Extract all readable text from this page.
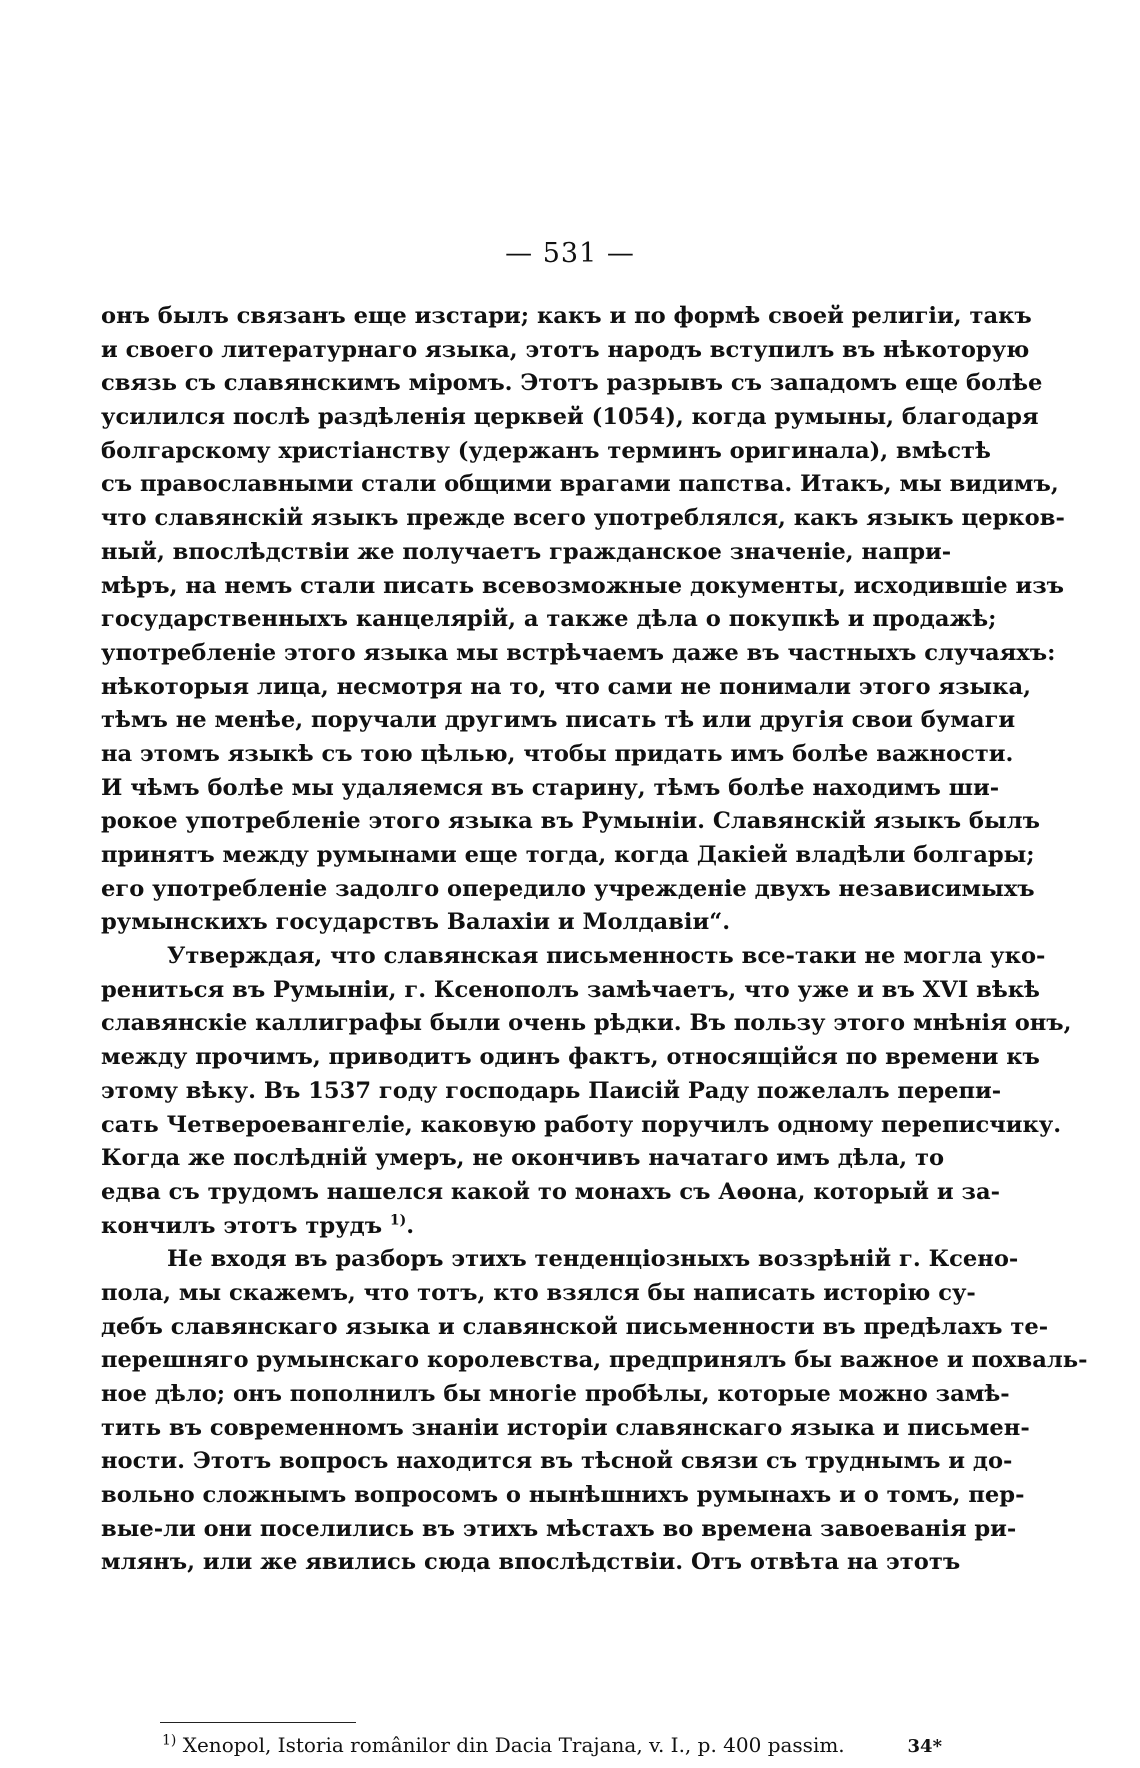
— 531 —
онъ былъ связанъ еще изстари; какъ и по формѣ своей религіи, такъ
и своего литературнаго языка, этотъ народъ вступилъ въ нѣкоторую
связь съ славянскимъ міромъ. Этотъ разрывъ съ западомъ еще болѣе
усилился послѣ раздѣленія церквей (1054), когда румыны, благодаря
болгарскому христіанству (удержанъ терминъ оригинала), вмѣстѣ
съ православными стали общими врагами папства. Итакъ, мы видимъ,
что славянскій языкъ прежде всего употреблялся, какъ языкъ церков-
ный, впослѣдствіи же получаетъ гражданское значеніе, напри-
мѣръ, на немъ стали писать всевозможные документы, исходившіе изъ
государственныхъ канцелярій, а также дѣла о покупкѣ и продажѣ;
употребленіе этого языка мы встрѣчаемъ даже въ частныхъ случаяхъ:
нѣкоторыя лица, несмотря на то, что сами не понимали этого языка,
тѣмъ не менѣе, поручали другимъ писать тѣ или другія свои бумаги
на этомъ языкѣ съ тою цѣлью, чтобы придать имъ болѣе важности.
И чѣмъ болѣе мы удаляемся въ старину, тѣмъ болѣе находимъ ши-
рокое употребленіе этого языка въ Румыніи. Славянскій языкъ былъ
принятъ между румынами еще тогда, когда Дакіей владѣли болгары;
его употребленіе задолго опередило учрежденіе двухъ независимыхъ
румынскихъ государствъ Валахіи и Молдавіи“.
Утверждая, что славянская письменность все-таки не могла уко-
рениться въ Румыніи, г. Ксенополъ замѣчаетъ, что уже и въ XVI вѣкѣ
славянскіе каллиграфы были очень рѣдки. Въ пользу этого мнѣнія онъ,
между прочимъ, приводитъ одинъ фактъ, относящійся по времени къ
этому вѣку. Въ 1537 году господарь Паисій Раду пожелалъ перепи-
сать Четвероевангеліе, каковую работу поручилъ одному переписчику.
Когда же послѣдній умеръ, не окончивъ начатаго имъ дѣла, то
едва съ трудомъ нашелся какой то монахъ съ Аѳона, который и за-
кончилъ этотъ трудъ $^{1)}$.
Не входя въ разборъ этихъ тенденціозныхъ воззрѣній г. Ксено-
пола, мы скажемъ, что тотъ, кто взялся бы написать исторію су-
дебъ славянскаго языка и славянской письменности въ предѣлахъ те-
перешняго румынскаго королевства, предпринялъ бы важное и похваль-
ное дѣло; онъ пополнилъ бы многіе пробѣлы, которые можно замѣ-
тить въ современномъ знаніи исторіи славянскаго языка и письмен-
ности. Этотъ вопросъ находится въ тѣсной связи съ труднымъ и до-
вольно сложнымъ вопросомъ о нынѣшнихъ румынахъ и о томъ, пер-
вые-ли они поселились въ этихъ мѣстахъ во времена завоеванія ри-
млянъ, или же явились сюда впослѣдствіи. Отъ отвѣта на этотъ
$^{1)}$ Xenopol, Istoria românilor din Dacia Trajana, v. I., p. 400 passim.	34*
